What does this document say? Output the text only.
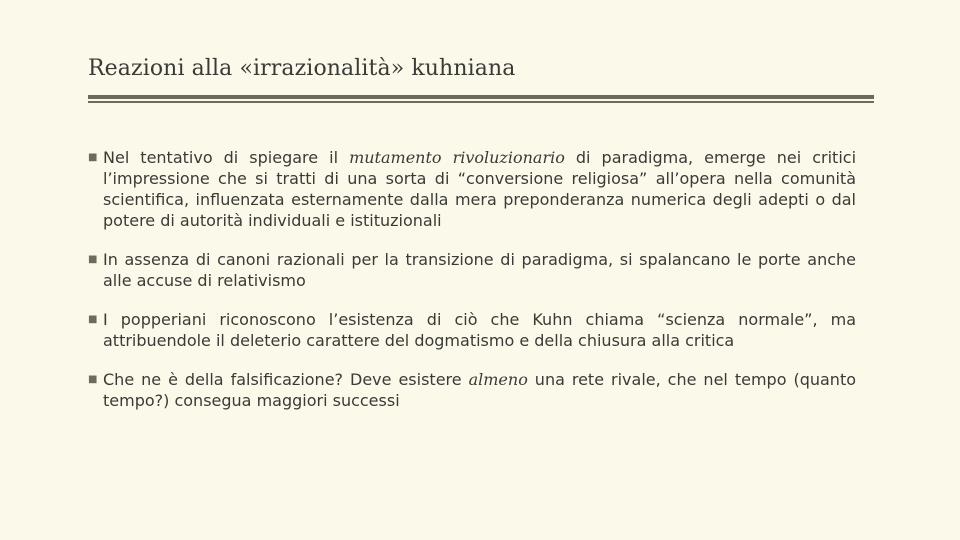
Reazioni alla «irrazionalità» kuhniana
■ Nel tentativo di spiegare il mutamento rivoluzionario di paradigma, emerge nei critici l’impressione che si tratti di una sorta di “conversione religiosa” all’opera nella comunità scientifica, influenzata esternamente dalla mera preponderanza numerica degli adepti o dal potere di autorità individuali e istituzionali
■ In assenza di canoni razionali per la transizione di paradigma, si spalancano le porte anche alle accuse di relativismo
■ I popperiani riconoscono l’esistenza di ciò che Kuhn chiama “scienza normale”, ma attribuendole il deleterio carattere del dogmatismo e della chiusura alla critica
■ Che ne è della falsificazione? Deve esistere almeno una rete rivale, che nel tempo (quanto tempo?) consegua maggiori successi
